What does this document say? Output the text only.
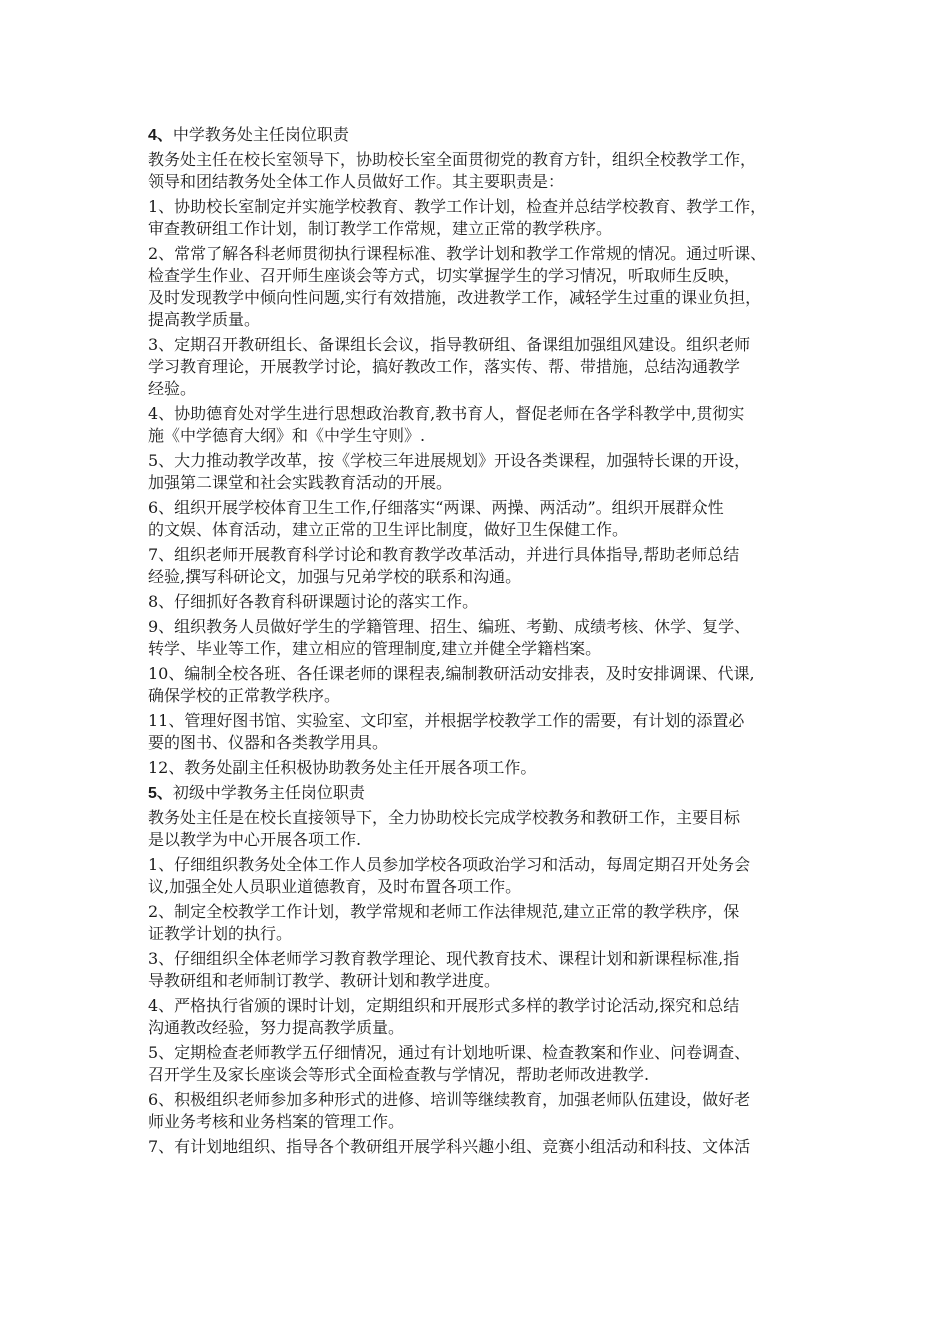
4、中学教务处主任岗位职责
教务处主任在校长室领导下，协助校长室全面贯彻党的教育方针，组织全校教学工作，
领导和团结教务处全体工作人员做好工作。其主要职责是：
1、协助校长室制定并实施学校教育、教学工作计划，检查并总结学校教育、教学工作，
审查教研组工作计划，制订教学工作常规，建立正常的教学秩序。
2、常常了解各科老师贯彻执行课程标准、教学计划和教学工作常规的情况。通过听课、
检查学生作业、召开师生座谈会等方式，切实掌握学生的学习情况，听取师生反映，
及时发现教学中倾向性问题,实行有效措施，改进教学工作，减轻学生过重的课业负担，
提高教学质量。
3、定期召开教研组长、备课组长会议，指导教研组、备课组加强组风建设。组织老师
学习教育理论，开展教学讨论，搞好教改工作，落实传、帮、带措施，总结沟通教学
经验。
4、协助德育处对学生进行思想政治教育,教书育人，督促老师在各学科教学中,贯彻实
施《中学德育大纲》和《中学生守则》.
5、大力推动教学改革，按《学校三年进展规划》开设各类课程，加强特长课的开设，
加强第二课堂和社会实践教育活动的开展。
6、组织开展学校体育卫生工作,仔细落实“两课、两操、两活动”。组织开展群众性
的文娱、体育活动，建立正常的卫生评比制度，做好卫生保健工作。
7、组织老师开展教育科学讨论和教育教学改革活动，并进行具体指导,帮助老师总结
经验,撰写科研论文，加强与兄弟学校的联系和沟通。
8、仔细抓好各教育科研课题讨论的落实工作。
9、组织教务人员做好学生的学籍管理、招生、编班、考勤、成绩考核、休学、复学、
转学、毕业等工作，建立相应的管理制度,建立并健全学籍档案。
10、编制全校各班、各任课老师的课程表,编制教研活动安排表，及时安排调课、代课,
确保学校的正常教学秩序。
11、管理好图书馆、实验室、文印室，并根据学校教学工作的需要，有计划的添置必
要的图书、仪器和各类教学用具。
12、教务处副主任积极协助教务处主任开展各项工作。
5、初级中学教务主任岗位职责
教务处主任是在校长直接领导下，全力协助校长完成学校教务和教研工作，主要目标
是以教学为中心开展各项工作.
1、仔细组织教务处全体工作人员参加学校各项政治学习和活动，每周定期召开处务会
议,加强全处人员职业道德教育，及时布置各项工作。
2、制定全校教学工作计划，教学常规和老师工作法律规范,建立正常的教学秩序，保
证教学计划的执行。
3、仔细组织全体老师学习教育教学理论、现代教育技术、课程计划和新课程标准,指
导教研组和老师制订教学、教研计划和教学进度。
4、严格执行省颁的课时计划，定期组织和开展形式多样的教学讨论活动,探究和总结
沟通教改经验，努力提高教学质量。
5、定期检查老师教学五仔细情况，通过有计划地听课、检查教案和作业、问卷调查、
召开学生及家长座谈会等形式全面检查教与学情况，帮助老师改进教学.
6、积极组织老师参加多种形式的进修、培训等继续教育，加强老师队伍建设，做好老
师业务考核和业务档案的管理工作。
7、有计划地组织、指导各个教研组开展学科兴趣小组、竞赛小组活动和科技、文体活
